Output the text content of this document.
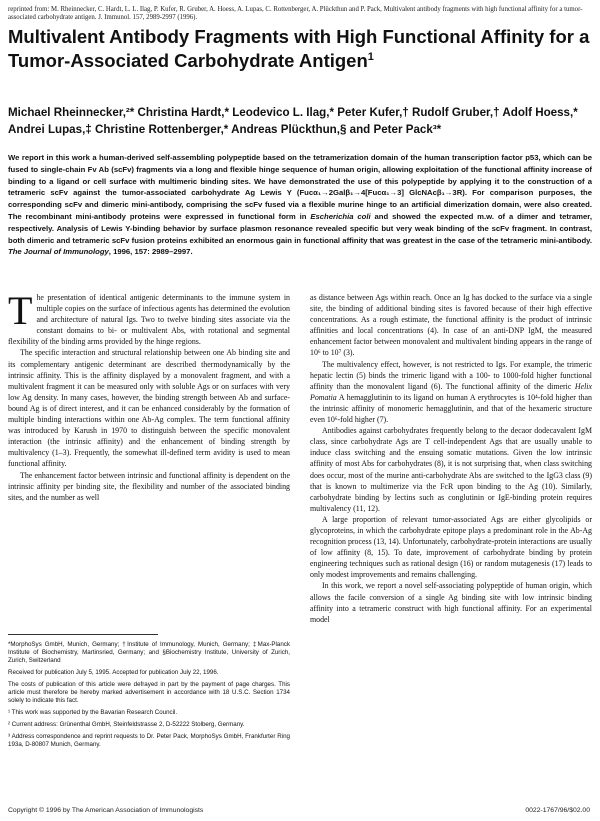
reprinted from: M. Rheinnecker, C. Hardt, L. L. Ilag, P. Kufer, R. Gruber, A. Hoess, A. Lupas, C. Rottenberger, A. Plückthun and P. Pack, Multivalent antibody fragments with high functional affinity for a tumor-associated carbohydrate antigen. J. Immunol. 157, 2989-2997 (1996).
Multivalent Antibody Fragments with High Functional Affinity for a Tumor-Associated Carbohydrate Antigen$^1$
Michael Rheinnecker,²* Christina Hardt,* Leodevico L. Ilag,* Peter Kufer,† Rudolf Gruber,† Adolf Hoess,* Andrei Lupas,‡ Christine Rottenberger,* Andreas Plückthun,§ and Peter Pack³*
We report in this work a human-derived self-assembling polypeptide based on the tetramerization domain of the human transcription factor p53, which can be fused to single-chain Fv Ab (scFv) fragments via a long and flexible hinge sequence of human origin, allowing exploitation of the functional affinity increase of binding to a ligand or cell surface with multimeric binding sites. We have demonstrated the use of this polypeptide by applying it to the construction of a tetrameric scFv against the tumor-associated carbohydrate Ag Lewis Y (Fucα₁→2Galβ₁→4[Fucα₁→3] GlcNAcβ₁→3R). For comparison purposes, the corresponding scFv and dimeric mini-antibody, comprising the scFv fused via a flexible murine hinge to an artificial dimerization domain, were also created. The recombinant mini-antibody proteins were expressed in functional form in Escherichia coli and showed the expected m.w. of a dimer and tetramer, respectively. Analysis of Lewis Y-binding behavior by surface plasmon resonance revealed specific but very weak binding of the scFv fragment. In contrast, both dimeric and tetrameric scFv fusion proteins exhibited an enormous gain in functional affinity that was greatest in the case of the tetrameric mini-antibody. The Journal of Immunology, 1996, 157: 2989–2997.

The presentation of identical antigenic determinants to the immune system in multiple copies on the surface of infectious agents has determined the evolution and architecture of natural Igs. Two to twelve binding sites associate via the constant domains to bi- or multivalent Abs, with rotational and segmental flexibility of the binding arms provided by the hinge regions.

The specific interaction and structural relationship between one Ab binding site and its complementary antigenic determinant are described thermodynamically by the intrinsic affinity. This is the affinity displayed by a monovalent fragment, and with a multivalent fragment it can be measured only with soluble Ags or on surfaces with very low Ag density. In many cases, however, the binding strength between Ab and surface-bound Ag is of direct interest, and it can be enhanced considerably by the formation of multiple binding interactions within one Ab-Ag complex. The term functional affinity was introduced by Karush in 1970 to distinguish between the specific monovalent interaction (the intrinsic affinity) and the enhancement of binding strength by multivalency (1–3). Frequently, the somewhat ill-defined term avidity is used to mean functional affinity.

The enhancement factor between intrinsic and functional affinity is dependent on the intrinsic affinity per binding site, the flexibility and number of the associated binding sites, and the number as well

as distance between Ags within reach. Once an Ig has docked to the surface via a single site, the binding of additional binding sites is favored because of their high effective concentrations. As a rough estimate, the functional affinity is the product of intrinsic affinities and local concentrations (4). In case of an anti-DNP IgM, the measured enhancement factor between monovalent and multivalent binding appears in the range of 10⁶ to 10⁷ (3).

The multivalency effect, however, is not restricted to Igs. For example, the trimeric hepatic lectin (5) binds the trimeric ligand with a 100- to 1000-fold higher functional affinity than the monovalent ligand (6). The functional affinity of the dimeric Helix Pomatia A hemagglutinin to its ligand on human A erythrocytes is 10⁴-fold higher than the intrinsic affinity of monomeric hemagglutinin, and that of the hexameric structure even 10⁶-fold higher (7).

Antibodies against carbohydrates frequently belong to the decaor dodecavalent IgM class, since carbohydrate Ags are T cell-independent Ags that are usually unable to induce class switching and the ensuing somatic mutations. Given the low intrinsic affinity of most Abs for carbohydrates (8), it is not surprising that, when class switching does occur, most of the murine anti-carbohydrate Abs are switched to the IgG3 class (9) that is known to multimerize via the FcR upon binding to the Ag (10). Similarly, carbohydrate binding by lectins such as conglutinin or IgE-binding protein requires multivalency (11, 12).

A large proportion of relevant tumor-associated Ags are either glycolipids or glycoproteins, in which the carbohydrate epitope plays a predominant role in the Ab-Ag recognition process (13, 14). Unfortunately, carbohydrate-protein interactions are usually of low affinity (8, 15). To date, improvement of carbohydrate binding by protein engineering techniques such as rational design (16) or random mutagenesis (17) leads to only modest improvements and remains challenging.

In this work, we report a novel self-associating polypeptide of human origin, which allows the facile conversion of a single Ag binding site with low intrinsic binding affinity into a tetrameric construct with high functional affinity. For an experimental model

*MorphoSys GmbH, Munich, Germany; †Institute of Immunology, Munich, Germany; ‡Max-Planck Institute of Biochemistry, Martinsried, Germany; and §Biochemistry Institute, University of Zurich, Zurich, Switzerland

Received for publication July 5, 1995. Accepted for publication July 22, 1996.

The costs of publication of this article were defrayed in part by the payment of page charges. This article must therefore be hereby marked advertisement in accordance with 18 U.S.C. Section 1734 solely to indicate this fact.

¹ This work was supported by the Bavarian Research Council.

² Current address: Grünenthal GmbH, Steinfeldstrasse 2, D-52222 Stolberg, Germany.

³ Address correspondence and reprint requests to Dr. Peter Pack, MorphoSys GmbH, Frankfurter Ring 193a, D-80807 Munich, Germany.

Copyright © 1996 by The American Association of Immunologists	0022-1767/96/$02.00
